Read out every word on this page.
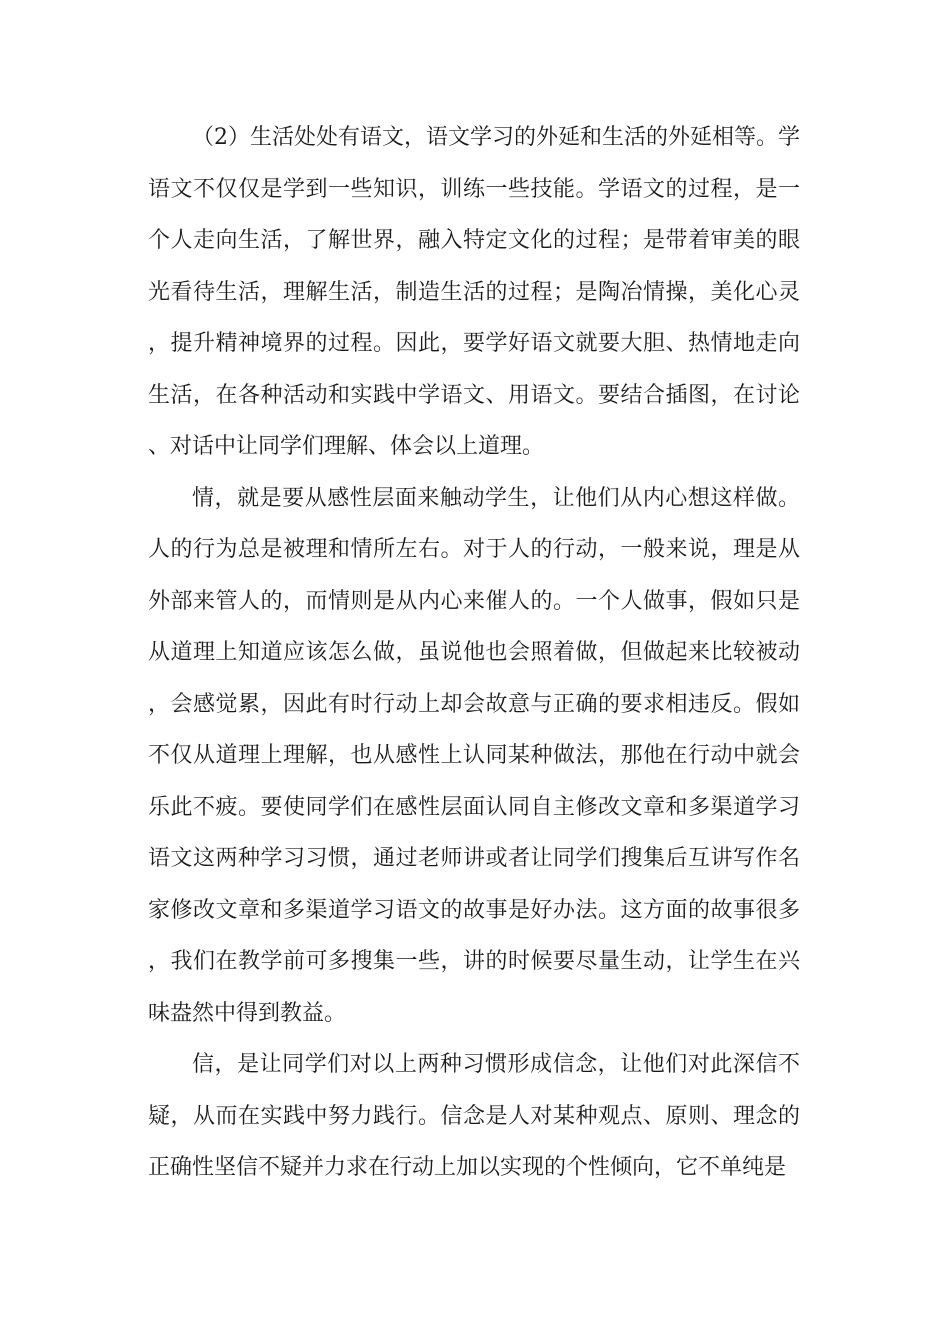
（2）生活处处有语文，语文学习的外延和生活的外延相等。学语文不仅仅是学到一些知识，训练一些技能。学语文的过程，是一个人走向生活，了解世界，融入特定文化的过程；是带着审美的眼光看待生活，理解生活，制造生活的过程；是陶冶情操，美化心灵，提升精神境界的过程。因此，要学好语文就要大胆、热情地走向生活，在各种活动和实践中学语文、用语文。要结合插图，在讨论、对话中让同学们理解、体会以上道理。

情，就是要从感性层面来触动学生，让他们从内心想这样做。人的行为总是被理和情所左右。对于人的行动，一般来说，理是从外部来管人的，而情则是从内心来催人的。一个人做事，假如只是从道理上知道应该怎么做，虽说他也会照着做，但做起来比较被动，会感觉累，因此有时行动上却会故意与正确的要求相违反。假如不仅从道理上理解，也从感性上认同某种做法，那他在行动中就会乐此不疲。要使同学们在感性层面认同自主修改文章和多渠道学习语文这两种学习习惯，通过老师讲或者让同学们搜集后互讲写作名家修改文章和多渠道学习语文的故事是好办法。这方面的故事很多，我们在教学前可多搜集一些，讲的时候要尽量生动，让学生在兴味盎然中得到教益。

信，是让同学们对以上两种习惯形成信念，让他们对此深信不疑，从而在实践中努力践行。信念是人对某种观点、原则、理念的正确性坚信不疑并力求在行动上加以实现的个性倾向，它不单纯是
